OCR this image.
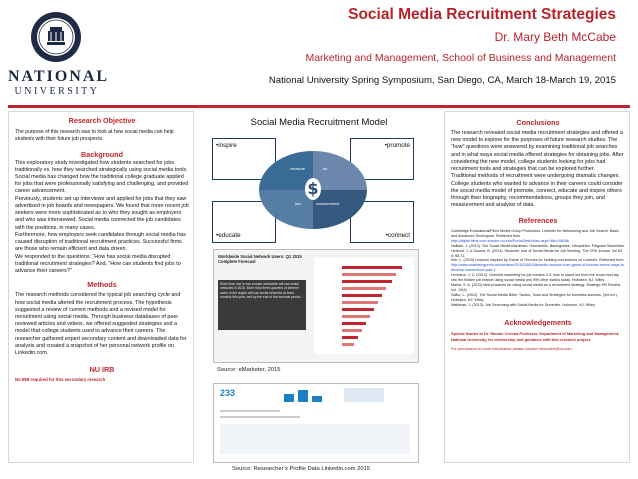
NATIONAL
UNIVERSITY
Social Media Recruitment Strategies
Dr. Mary Beth McCabe
Marketing and Management, School of Business and Management
National University Spring Symposium, San Diego, CA, March 18-March 19, 2015

Research Objective

The purpose of this research was to look at how social media can help students with their future job prospects.

Background

This exploratory study investigated how students searched for jobs traditionally vs. how they searched strategically using social media tools. Social media has changed how the traditional college graduate applied for jobs that were professionally satisfying and challenging, and provided career advancement.

Previously, students set up interviews and applied for jobs that they saw advertised in job boards and newspapers. We found that more recent job seekers were more sophisticated as to who they sought as employers and who was interviewed. Social media connected the job candidates with the positions, in many cases.

Furthermore, how employers seek candidates through social media has caused disruption of traditional recruitment practices. Successful firms are those who remain efficient and data driven.

We responded to the questions: “How has social media disrupted traditional recruitment strategies? And, “How can students find jobs to advance their careers?”

Methods

The research methods considered the typical job searching cycle and how social media altered the recruitment process. The hypothesis suggested a review of current methods and a revised model for recruitment using social media. Through business databases of peer reviewed articles and videos, we offered suggested strategies and a model that college students used to advance their careers. The researcher gathered expert secondary content and downloaded data for analysis and created a snapshot of her personal network profile on Linkedin.com.

NU IRB

No IRB required for this secondary research

Social Media Recruitment Model
•inspire	•promote
•educate	•connect
measure	bo
join	measurement
$
Worldwide Social Network Users: Q1 2015 Complete Forecast
More than one in four people worldwide will use social networks in 2015. More than three-quarters of internet users in the region will use social networks at least monthly this year, and by the end of the forecast period…
Source: eMarketer, 2015
233
Source: Researcher’s Profile Data Linkedin.com 2015

Conclusions

The research revealed social media recruitment strategies and offered a new model to explore for the purposes of future research studies. The “how” questions were answered by examining traditional job searches and in what ways social media offered strategies for obtaining jobs. After considering the new model, college students looking for jobs had recruitment tools and strategies that can be explored further.

Traditional methods of recruitment were undergoing dramatic changes. College students who wanted to advance in their careers could consider the social media model of promote, connect, educate and inspire others through their biography, recommendations, groups they join, and measurement and analysis of data.

References

Cambridge Educational/Films Media Group Production. LinkedIn for Networking and Job Search: Basic and Advanced Techniques. Retrieved from

http://digital.films.com.sceptre.nu.edu/PortalViewVideo.aspx?xtid=58098

Halliam, J. (2013). The Social Media Manifesto. Houndmills, Basingstoke, Hampshire: Palgrave Macmillan.

Herbold, J. & Douma, B. (2013). Students' Use of Social Media for Job Seeking. The CPA Journal. Vol 83 4: 68-71.

Kim, L. (2015) Lessons inspired by Game of Thrones for building connections on LinkedIn. Retrieved from

http://www.marketingprofs.com/articles/2015/26815/linkedin-lessons-from-game-of-thrones-seven-ways-to-develop-connections-part-1

Levinson, J. C. (2013). Guerrilla marketing for job hunters 3.0: how to stand out from the crowd and tap into the hidden job market using social media and 999 other tactics today. Hoboken, NJ: Wiley.

Maina, S. A. (2011) best practices for using social media as a recruitment strategy. Strategic HR Review. Vol. 10(4)

Safko, L. (2012). The Social Media Bible: Tactics, Tools and Strategies for business success. (3rd ed.). Hoboken, NJ: Wiley.

Waldman, J. (2013). Job Searching with Social Media for Dummies. Hoboken, NJ: Wiley.

Acknowledgements

Special thanks to Dr. Ramon Corona Professor, Department of Marketing and Management, National University, for mentorship and guidance with this research project.

For permission or more information please contact mmccabe@nu.edu.
